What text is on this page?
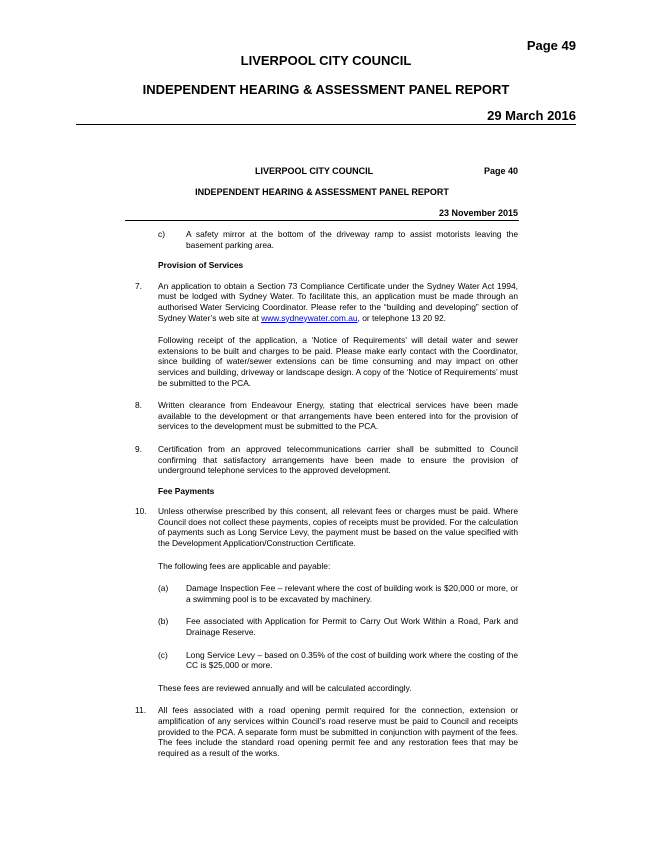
Page 49
LIVERPOOL CITY COUNCIL
INDEPENDENT HEARING & ASSESSMENT PANEL REPORT
29 March 2016
LIVERPOOL CITY COUNCIL	Page 40
INDEPENDENT HEARING & ASSESSMENT PANEL REPORT
23 November 2015
c)	A safety mirror at the bottom of the driveway ramp to assist motorists leaving the basement parking area.
Provision of Services
7. An application to obtain a Section 73 Compliance Certificate under the Sydney Water Act 1994, must be lodged with Sydney Water. To facilitate this, an application must be made through an authorised Water Servicing Coordinator. Please refer to the “building and developing” section of Sydney Water’s web site at www.sydneywater.com.au, or telephone 13 20 92.
Following receipt of the application, a ‘Notice of Requirements’ will detail water and sewer extensions to be built and charges to be paid. Please make early contact with the Coordinator, since building of water/sewer extensions can be time consuming and may impact on other services and building, driveway or landscape design. A copy of the ‘Notice of Requirements’ must be submitted to the PCA.
8. Written clearance from Endeavour Energy, stating that electrical services have been made available to the development or that arrangements have been entered into for the provision of services to the development must be submitted to the PCA.
9. Certification from an approved telecommunications carrier shall be submitted to Council confirming that satisfactory arrangements have been made to ensure the provision of underground telephone services to the approved development.
Fee Payments
10. Unless otherwise prescribed by this consent, all relevant fees or charges must be paid. Where Council does not collect these payments, copies of receipts must be provided. For the calculation of payments such as Long Service Levy, the payment must be based on the value specified with the Development Application/Construction Certificate.
The following fees are applicable and payable:
(a) Damage Inspection Fee – relevant where the cost of building work is $20,000 or more, or a swimming pool is to be excavated by machinery.
(b) Fee associated with Application for Permit to Carry Out Work Within a Road, Park and Drainage Reserve.
(c) Long Service Levy – based on 0.35% of the cost of building work where the costing of the CC is $25,000 or more.
These fees are reviewed annually and will be calculated accordingly.
11. All fees associated with a road opening permit required for the connection, extension or amplification of any services within Council’s road reserve must be paid to Council and receipts provided to the PCA. A separate form must be submitted in conjunction with payment of the fees. The fees include the standard road opening permit fee and any restoration fees that may be required as a result of the works.
